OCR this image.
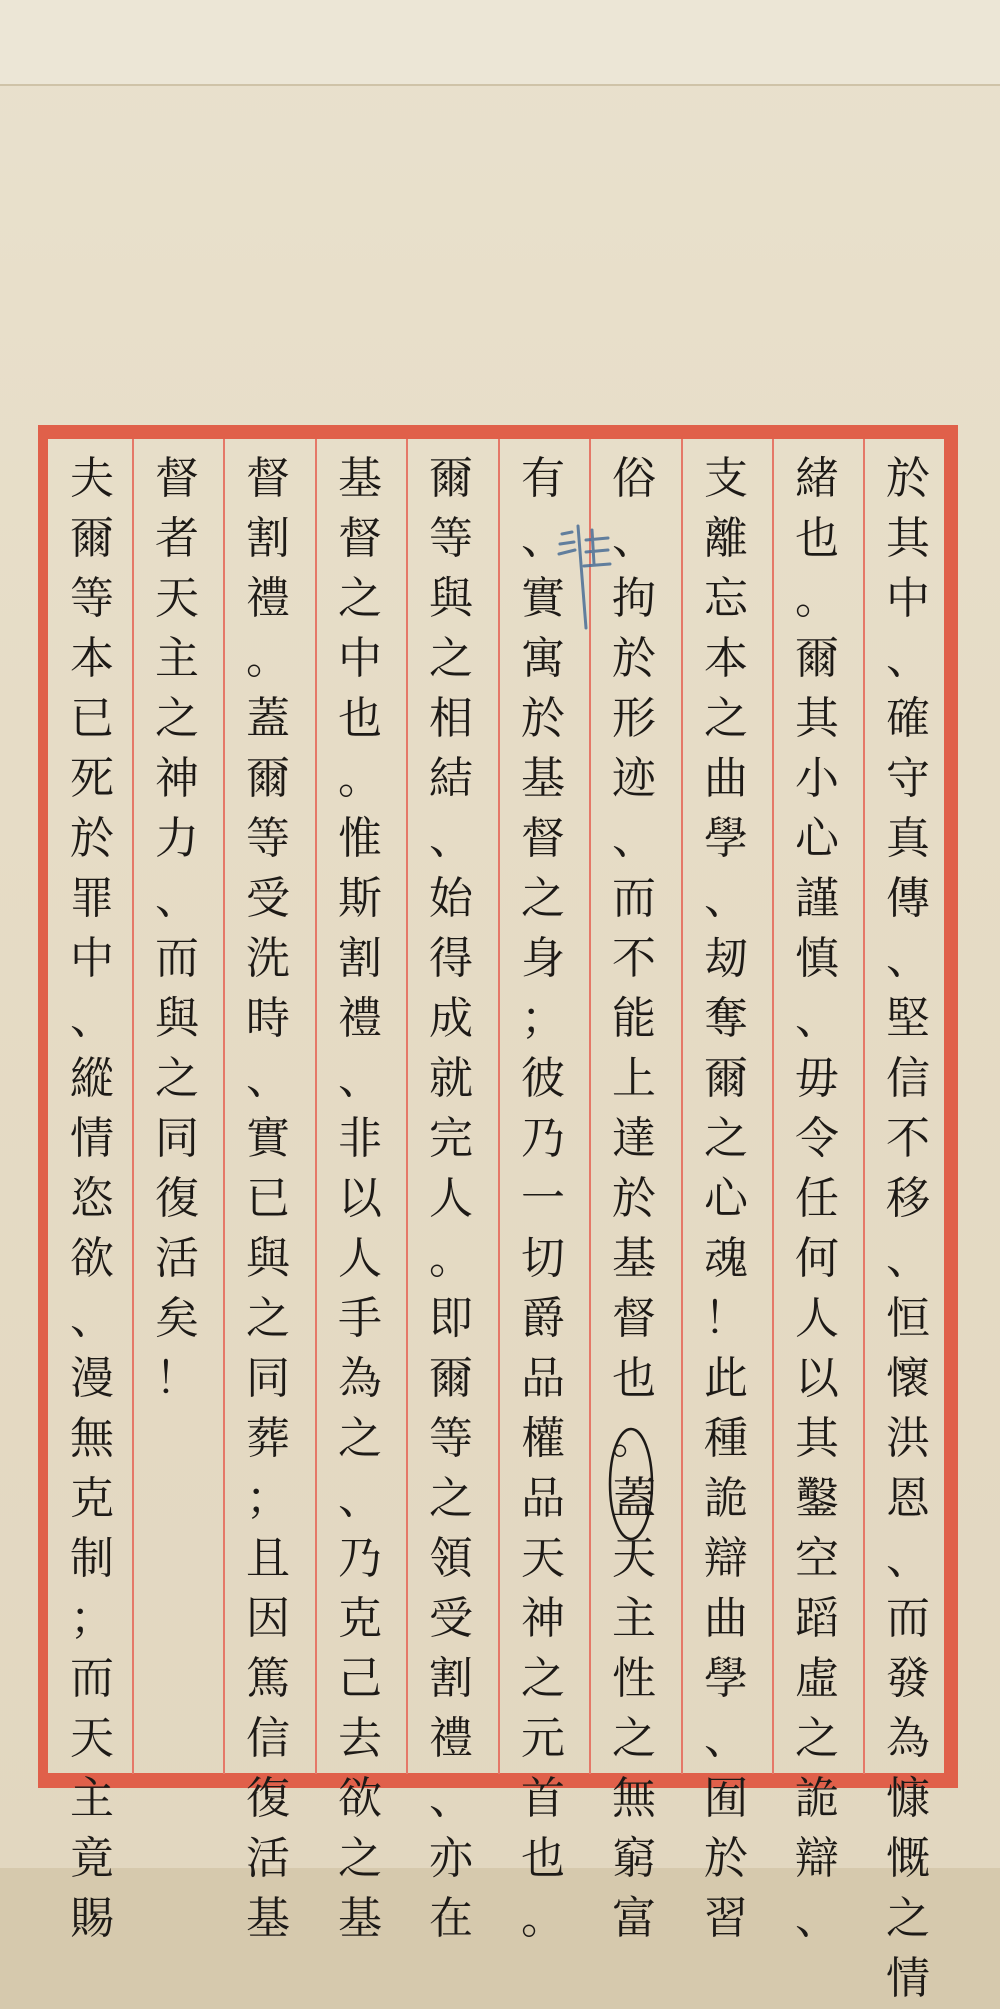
於
其
中
、
確
守
真
傳
、
堅
信
不
移
、
恒
懷
洪
恩
、
而
發
為
慷
慨
之
情
緒
也
。
爾
其
小
心
謹
慎
、
毋
令
任
何
人
以
其
鑿
空
蹈
虛
之
詭
辯
、
支
離
忘
本
之
曲
學
、
刼
奪
爾
之
心
魂
！
此
種
詭
辯
曲
學
、
囿
於
習
俗
、
拘
於
形
迹
、
而
不
能
上
達
於
基
督
也
。
蓋
天
主
性
之
無
窮
富
有
、
實
寓
於
基
督
之
身
；
彼
乃
一
切
爵
品
權
品
天
神
之
元
首
也
。
爾
等
與
之
相
結
、
始
得
成
就
完
人
。
即
爾
等
之
領
受
割
禮
、
亦
在
基
督
之
中
也
。
惟
斯
割
禮
、
非
以
人
手
為
之
、
乃
克
己
去
欲
之
基
督
割
禮
。
蓋
爾
等
受
洗
時
、
實
已
與
之
同
葬
；
且
因
篤
信
復
活
基
督
者
天
主
之
神
力
、
而
與
之
同
復
活
矣
！
夫
爾
等
本
已
死
於
罪
中
、
縱
情
恣
欲
、
漫
無
克
制
；
而
天
主
竟
賜
